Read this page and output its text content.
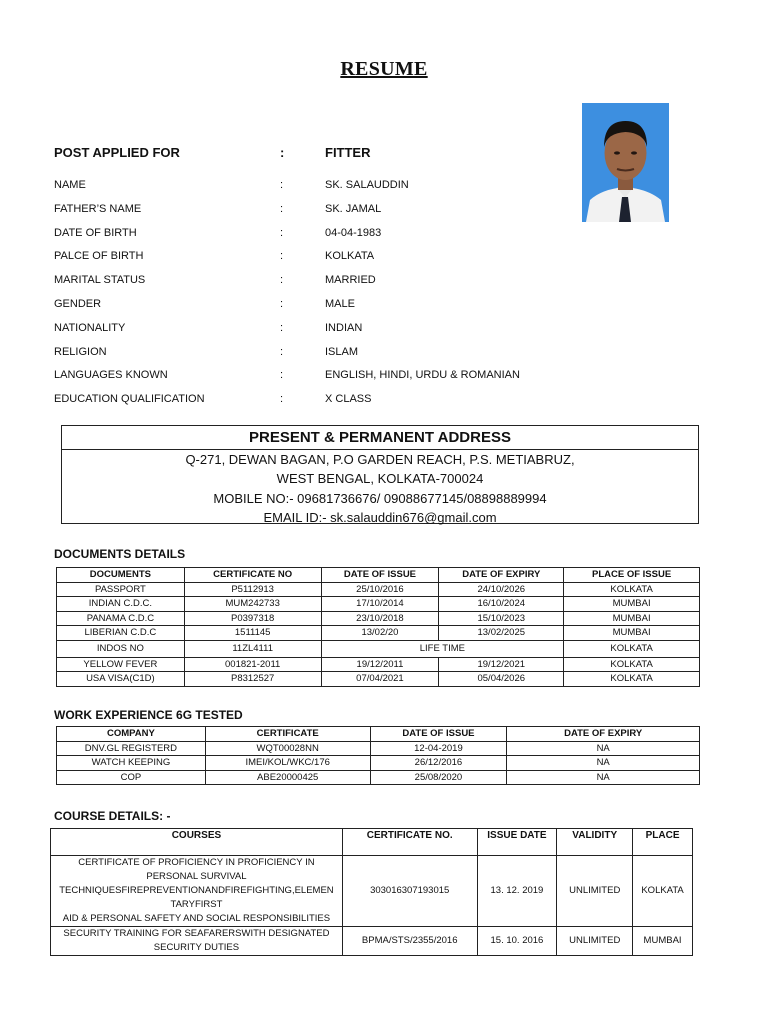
RESUME
POST APPLIED FOR	:	FITTER
NAME	:	SK. SALAUDDIN
FATHER’S NAME	:	SK. JAMAL
DATE OF BIRTH	:	04-04-1983
PALCE OF BIRTH	:	KOLKATA
MARITAL STATUS	:	MARRIED
GENDER	:	MALE
NATIONALITY	:	INDIAN
RELIGION	:	ISLAM
LANGUAGES KNOWN	:	ENGLISH, HINDI, URDU & ROMANIAN
EDUCATION QUALIFICATION	:	X CLASS
PRESENT & PERMANENT ADDRESS
Q-271, DEWAN BAGAN, P.O GARDEN REACH, P.S. METIABRUZ,
WEST BENGAL, KOLKATA-700024
MOBILE NO:- 09681736676/ 09088677145/08898889994
EMAIL ID:- sk.salauddin676@gmail.com
DOCUMENTS DETAILS
DOCUMENTS	CERTIFICATE NO	DATE OF ISSUE	DATE OF EXPIRY	PLACE OF ISSUE
PASSPORT	P5112913	25/10/2016	24/10/2026	KOLKATA
INDIAN C.D.C.	MUM242733	17/10/2014	16/10/2024	MUMBAI
PANAMA C.D.C	P0397318	23/10/2018	15/10/2023	MUMBAI
LIBERIAN C.D.C	1511145	13/02/20	13/02/2025	MUMBAI
INDOS NO	11ZL4111	LIFE TIME		KOLKATA
YELLOW FEVER	001821-2011	19/12/2011	19/12/2021	KOLKATA
USA VISA(C1D)	P8312527	07/04/2021	05/04/2026	KOLKATA
WORK EXPERIENCE 6G TESTED
COMPANY	CERTIFICATE	DATE OF ISSUE	DATE OF EXPIRY
DNV.GL REGISTERD	WQT00028NN	12-04-2019	NA
WATCH KEEPING	IMEI/KOL/WKC/176	26/12/2016	NA
COP	ABE20000425	25/08/2020	NA
COURSE DETAILS: -
COURSES	CERTIFICATE NO.	ISSUE DATE	VALIDITY	PLACE

CERTIFICATE OF PROFICIENCY IN PROFICIENCY IN
PERSONAL SURVIVAL
TECHNIQUESFIREPREVENTIONANDFIREFIGHTING,ELEMEN
TARYFIRST
AID & PERSONAL SAFETY AND SOCIAL RESPONSIBILITIES	303016307193015	13. 12. 2019	UNLIMITED	KOLKATA

SECURITY TRAINING FOR SEAFARERSWITH DESIGNATED
SECURITY DUTIES	BPMA/STS/2355/2016	15. 10. 2016	UNLIMITED	MUMBAI
